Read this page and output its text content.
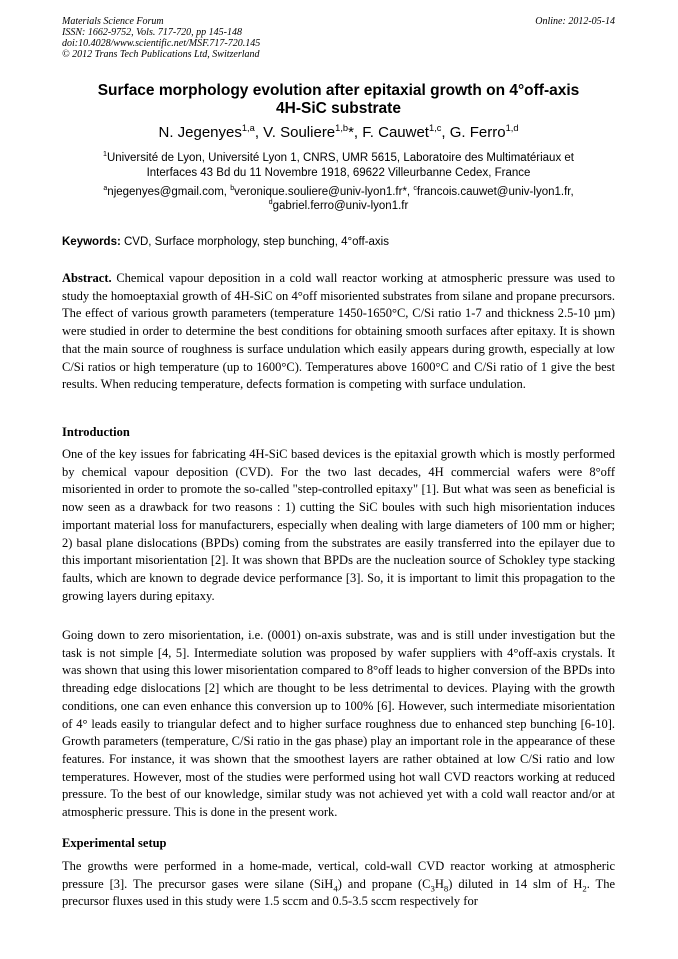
Materials Science Forum
ISSN: 1662-9752, Vols. 717-720, pp 145-148
doi:10.4028/www.scientific.net/MSF.717-720.145
© 2012 Trans Tech Publications Ltd, Switzerland
Online: 2012-05-14
Surface morphology evolution after epitaxial growth on 4°off-axis
4H-SiC substrate
N. Jegenyes$^{1,a}$, V. Souliere$^{1,b}$*, F. Cauwet$^{1,c}$, G. Ferro$^{1,d}$
$^1$Université de Lyon, Université Lyon 1, CNRS, UMR 5615, Laboratoire des Multimatériaux et
Interfaces 43 Bd du 11 Novembre 1918, 69622 Villeurbanne Cedex, France
$^a$njegenyes@gmail.com, $^b$veronique.souliere@univ-lyon1.fr*, $^c$francois.cauwet@univ-lyon1.fr,
$^d$gabriel.ferro@univ-lyon1.fr
Keywords: CVD, Surface morphology, step bunching, 4°off-axis
Abstract. Chemical vapour deposition in a cold wall reactor working at atmospheric pressure was used to study the homoeptaxial growth of 4H-SiC on 4°off misoriented substrates from silane and propane precursors. The effect of various growth parameters (temperature 1450-1650°C, C/Si ratio 1-7 and thickness 2.5-10 µm) were studied in order to determine the best conditions for obtaining smooth surfaces after epitaxy. It is shown that the main source of roughness is surface undulation which easily appears during growth, especially at low C/Si ratios or high temperature (up to 1600°C). Temperatures above 1600°C and C/Si ratio of 1 give the best results. When reducing temperature, defects formation is competing with surface undulation.
Introduction
One of the key issues for fabricating 4H-SiC based devices is the epitaxial growth which is mostly performed by chemical vapour deposition (CVD). For the two last decades, 4H commercial wafers were 8°off misoriented in order to promote the so-called "step-controlled epitaxy" [1]. But what was seen as beneficial is now seen as a drawback for two reasons : 1) cutting the SiC boules with such high misorientation induces important material loss for manufacturers, especially when dealing with large diameters of 100 mm or higher; 2) basal plane dislocations (BPDs) coming from the substrates are easily transferred into the epilayer due to this important misorientation [2]. It was shown that BPDs are the nucleation source of Schokley type stacking faults, which are known to degrade device performance [3]. So, it is important to limit this propagation to the growing layers during epitaxy.
Going down to zero misorientation, i.e. (0001) on-axis substrate, was and is still under investigation but the task is not simple [4, 5]. Intermediate solution was proposed by wafer suppliers with 4°off-axis crystals. It was shown that using this lower misorientation compared to 8°off leads to higher conversion of the BPDs into threading edge dislocations [2] which are thought to be less detrimental to devices. Playing with the growth conditions, one can even enhance this conversion up to 100% [6]. However, such intermediate misorientation of 4° leads easily to triangular defect and to higher surface roughness due to enhanced step bunching [6-10]. Growth parameters (temperature, C/Si ratio in the gas phase) play an important role in the appearance of these features. For instance, it was shown that the smoothest layers are rather obtained at low C/Si ratio and low temperatures. However, most of the studies were performed using hot wall CVD reactors working at reduced pressure. To the best of our knowledge, similar study was not achieved yet with a cold wall reactor and/or at atmospheric pressure. This is done in the present work.
Experimental setup
The growths were performed in a home-made, vertical, cold-wall CVD reactor working at atmospheric pressure [3]. The precursor gases were silane (SiH$_4$) and propane $(C_3H_8)$ diluted in 14 slm of $H_2$. The precursor fluxes used in this study were 1.5 sccm and 0.5-3.5 sccm respectively for
